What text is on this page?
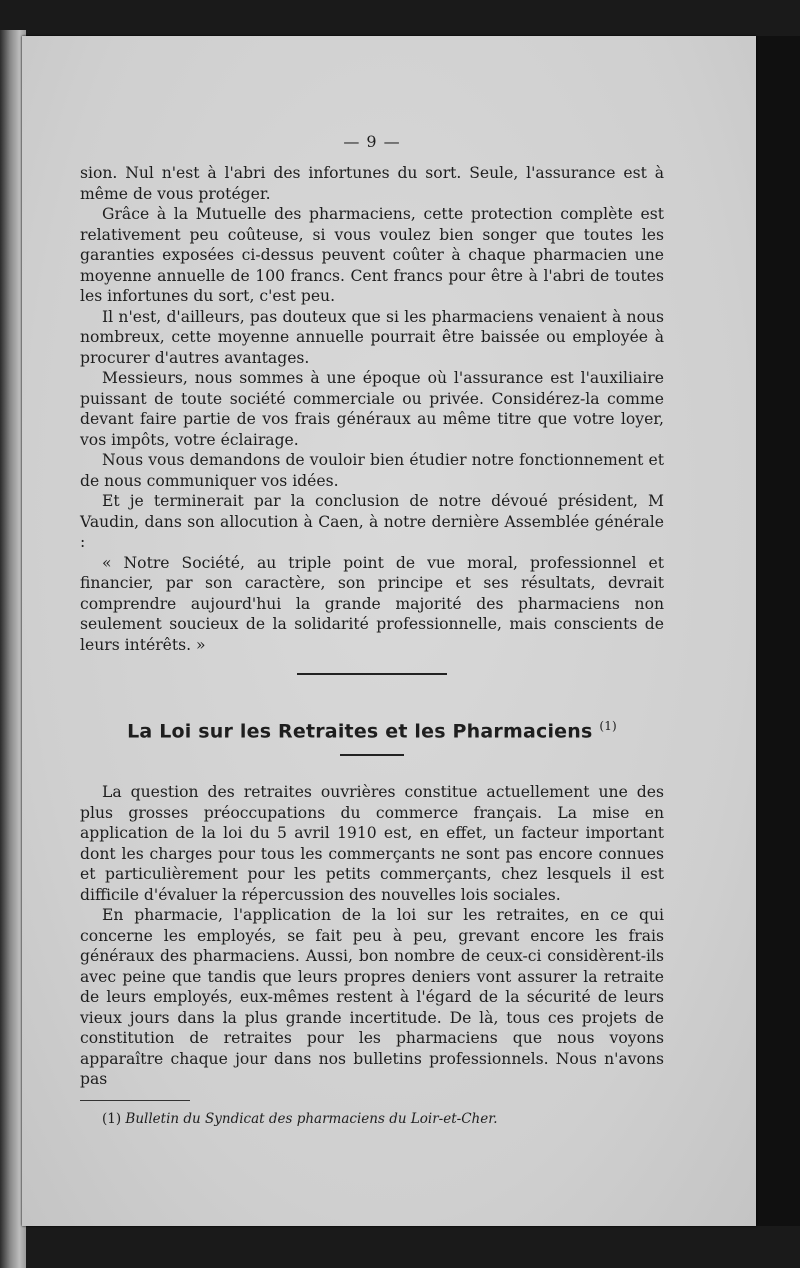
— 9 —

sion. Nul n'est à l'abri des infortunes du sort. Seule, l'assurance est à même de vous protéger.

Grâce à la Mutuelle des pharmaciens, cette protection complète est relativement peu coûteuse, si vous voulez bien songer que toutes les garanties exposées ci-dessus peuvent coûter à chaque pharmacien une moyenne annuelle de 100 francs. Cent francs pour être à l'abri de toutes les infortunes du sort, c'est peu.

Il n'est, d'ailleurs, pas douteux que si les pharmaciens venaient à nous nombreux, cette moyenne annuelle pourrait être baissée ou employée à procurer d'autres avantages.

Messieurs, nous sommes à une époque où l'assurance est l'auxiliaire puissant de toute société commerciale ou privée. Considérez-la comme devant faire partie de vos frais généraux au même titre que votre loyer, vos impôts, votre éclairage.

Nous vous demandons de vouloir bien étudier notre fonctionnement et de nous communiquer vos idées.

Et je terminerait par la conclusion de notre dévoué président, M Vaudin, dans son allocution à Caen, à notre dernière Assemblée générale :

« Notre Société, au triple point de vue moral, professionnel et financier, par son caractère, son principe et ses résultats, devrait comprendre aujourd'hui la grande majorité des pharmaciens non seulement soucieux de la solidarité professionnelle, mais conscients de leurs intérêts. »

La Loi sur les Retraites et les Pharmaciens $^{(1)}$

La question des retraites ouvrières constitue actuellement une des plus grosses préoccupations du commerce français. La mise en application de la loi du 5 avril 1910 est, en effet, un facteur important dont les charges pour tous les commerçants ne sont pas encore connues et particulièrement pour les petits commerçants, chez lesquels il est difficile d'évaluer la répercussion des nouvelles lois sociales.

En pharmacie, l'application de la loi sur les retraites, en ce qui concerne les employés, se fait peu à peu, grevant encore les frais généraux des pharmaciens. Aussi, bon nombre de ceux-ci considèrent-ils avec peine que tandis que leurs propres deniers vont assurer la retraite de leurs employés, eux-mêmes restent à l'égard de la sécurité de leurs vieux jours dans la plus grande incertitude. De là, tous ces projets de constitution de retraites pour les pharmaciens que nous voyons apparaître chaque jour dans nos bulletins professionnels. Nous n'avons pas

(1) Bulletin du Syndicat des pharmaciens du Loir-et-Cher.
